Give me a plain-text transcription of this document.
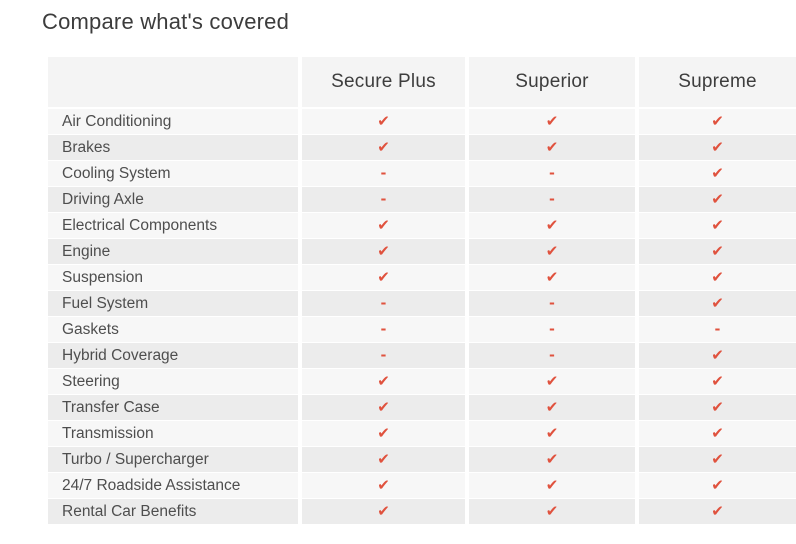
Compare what's covered
Secure Plus	Superior	Supreme
Air Conditioning	✔	✔	✔
Brakes	✔	✔	✔
Cooling System	-	-	✔
Driving Axle	-	-	✔
Electrical Components	✔	✔	✔
Engine	✔	✔	✔
Suspension	✔	✔	✔
Fuel System	-	-	✔
Gaskets	-	-	-
Hybrid Coverage	-	-	✔
Steering	✔	✔	✔
Transfer Case	✔	✔	✔
Transmission	✔	✔	✔
Turbo / Supercharger	✔	✔	✔
24/7 Roadside Assistance	✔	✔	✔
Rental Car Benefits	✔	✔	✔
